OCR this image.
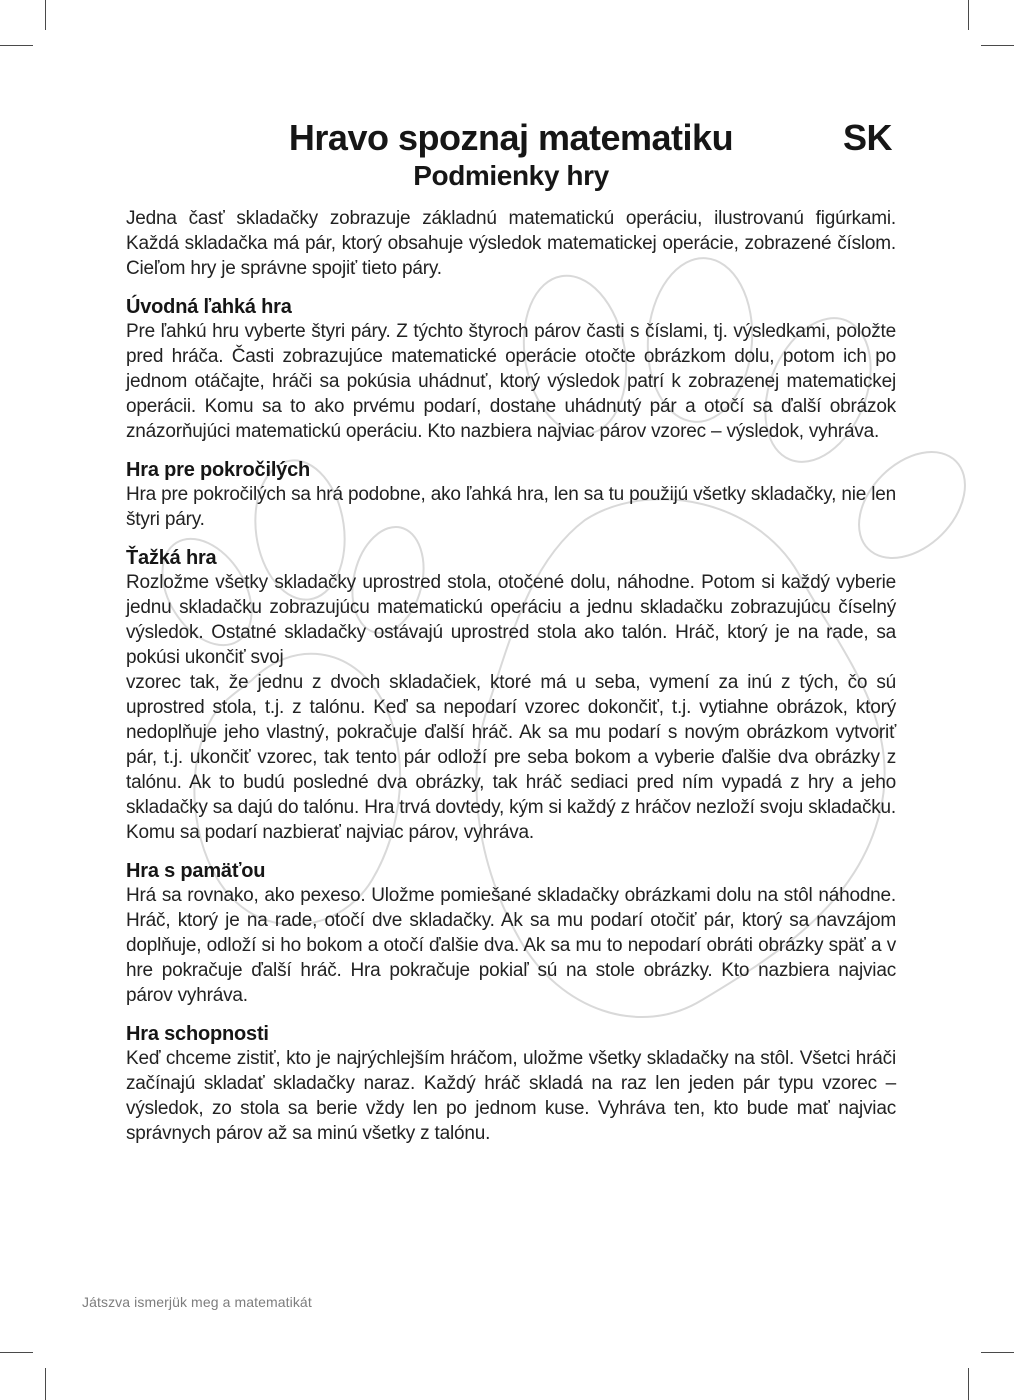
Hravo spoznaj matematiku	SK
Podmienky hry

Jedna časť skladačky zobrazuje základnú matematickú operáciu, ilustrovanú figúrkami. Každá skladačka má pár, ktorý obsahuje výsledok matematickej operácie, zobrazené číslom. Cieľom hry je správne spojiť tieto páry.

Úvodná ľahká hra

Pre ľahkú hru vyberte štyri páry. Z týchto štyroch párov časti s číslami, tj. výsledkami, položte pred hráča. Časti zobrazujúce matematické operácie otočte obrázkom dolu, potom ich po jednom otáčajte, hráči sa pokúsia uhádnuť, ktorý výsledok patrí k zobrazenej matematickej operácii. Komu sa to ako prvému podarí, dostane uhádnutý pár a otočí sa ďalší obrázok znázorňujúci matematickú operáciu. Kto nazbiera najviac párov vzorec – výsledok, vyhráva.

Hra pre pokročilých

Hra pre pokročilých sa hrá podobne, ako ľahká hra, len sa tu použijú všetky skladačky, nie len štyri páry.

Ťažká hra

Rozložme všetky skladačky uprostred stola, otočené dolu, náhodne. Potom si každý vyberie jednu skladačku zobrazujúcu matematickú operáciu a jednu skladačku zobrazujúcu číselný výsledok. Ostatné skladačky ostávajú uprostred stola ako talón. Hráč, ktorý je na rade, sa pokúsi ukončiť svoj

vzorec tak, že jednu z dvoch skladačiek, ktoré má u seba, vymení za inú z tých, čo sú uprostred stola, t.j. z talónu. Keď sa nepodarí vzorec dokončiť, t.j. vytiahne obrázok, ktorý nedoplňuje jeho vlastný, pokračuje ďalší hráč. Ak sa mu podarí s novým obrázkom vytvoriť pár, t.j. ukončiť vzorec, tak tento pár odloží pre seba bokom a vyberie ďalšie dva obrázky z talónu. Ak to budú posledné dva obrázky, tak hráč sediaci pred ním vypadá z hry a jeho skladačky sa dajú do talónu. Hra trvá dovtedy, kým si každý z hráčov nezloží svoju skladačku. Komu sa podarí nazbierať najviac párov, vyhráva.

Hra s pamäťou

Hrá sa rovnako, ako pexeso. Uložme pomiešané skladačky obrázkami dolu na stôl náhodne. Hráč, ktorý je na rade, otočí dve skladačky. Ak sa mu podarí otočiť pár, ktorý sa navzájom doplňuje, odloží si ho bokom a otočí ďalšie dva. Ak sa mu to nepodarí obráti obrázky späť a v hre pokračuje ďalší hráč. Hra pokračuje pokiaľ sú na stole obrázky. Kto nazbiera najviac párov vyhráva.

Hra schopnosti

Keď chceme zistiť, kto je najrýchlejším hráčom, uložme všetky skladačky na stôl. Všetci hráči začínajú skladať skladačky naraz. Každý hráč skladá na raz len jeden pár typu vzorec – výsledok, zo stola sa berie vždy len po jednom kuse. Vyhráva ten, kto bude mať najviac správnych párov až sa minú všetky z talónu.

Játszva ismerjük meg a matematikát
